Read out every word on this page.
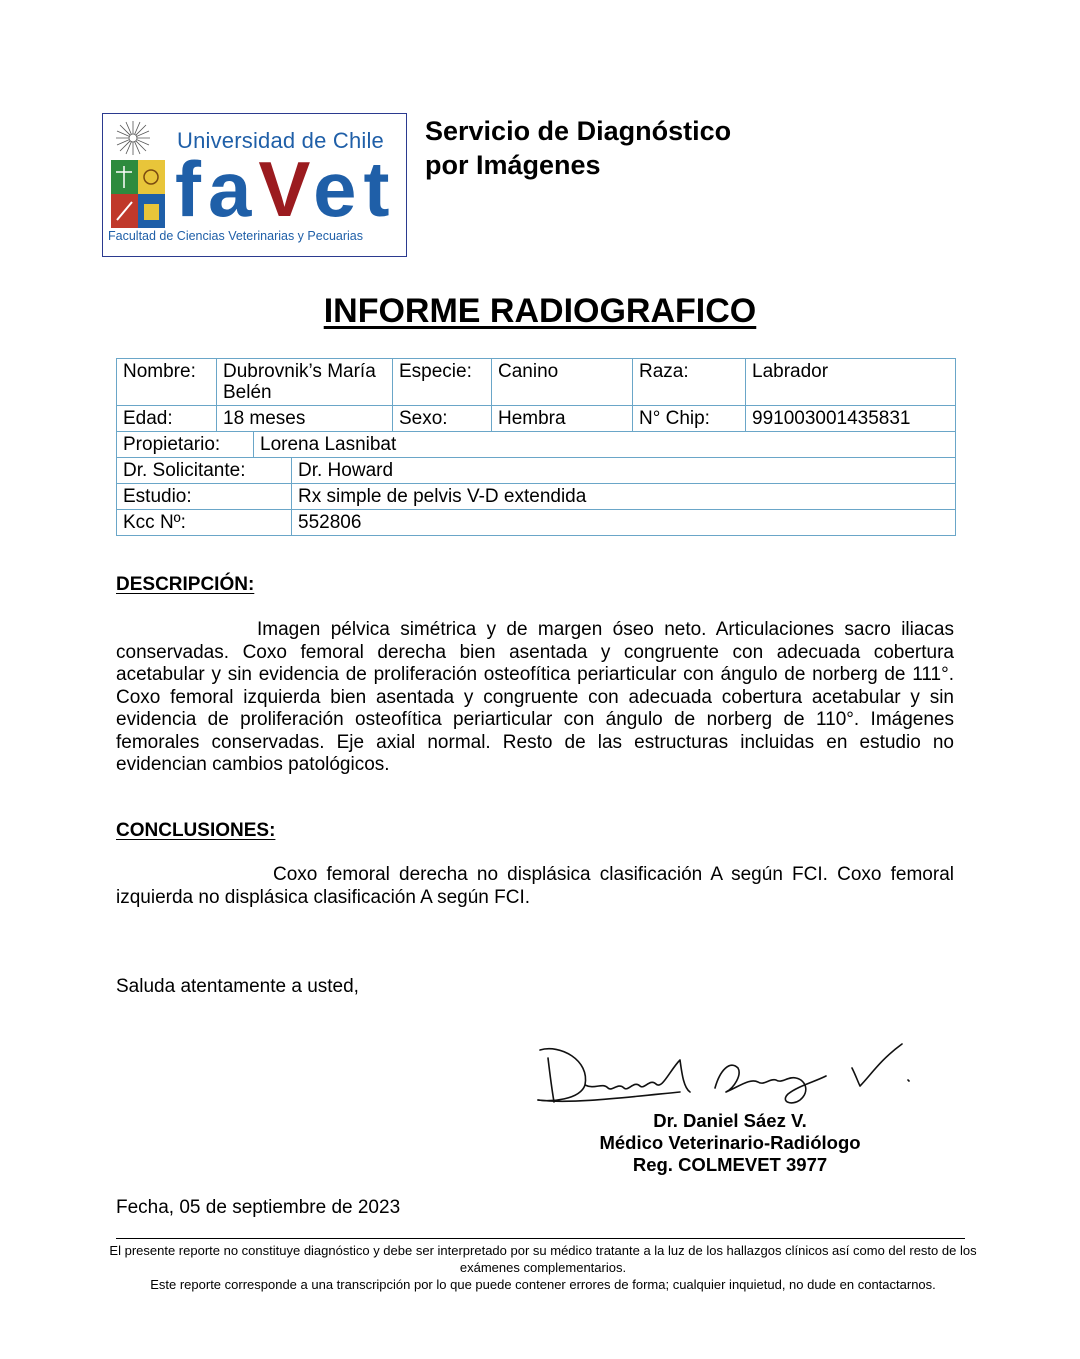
Universidad de Chile
faVet
Facultad de Ciencias Veterinarias y Pecuarias
Servicio de Diagnóstico
por Imágenes
INFORME RADIOGRAFICO
Nombre:	Dubrovnik’s María Belén	Especie:	Canino	Raza:	Labrador
Edad:	18 meses	Sexo:	Hembra	N° Chip:	991003001435831

Propietario: Lorena Lasnibat					

Dr. Solicitante: Dr. Howard					

Estudio: Rx simple de pelvis V-D extendida					

Kcc Nº: 552806					
DESCRIPCIÓN:
Imagen pélvica simétrica y de margen óseo neto. Articulaciones sacro iliacas conservadas. Coxo femoral derecha bien asentada y congruente con adecuada cobertura acetabular y sin evidencia de proliferación osteofítica periarticular con ángulo de norberg de 111°. Coxo femoral izquierda bien asentada y congruente con adecuada cobertura acetabular y sin evidencia de proliferación osteofítica periarticular con ángulo de norberg de 110°. Imágenes femorales conservadas. Eje axial normal. Resto de las estructuras incluidas en estudio no evidencian cambios patológicos.
CONCLUSIONES:
Coxo femoral derecha no displásica clasificación A según FCI. Coxo femoral izquierda no displásica clasificación A según FCI.
Saluda atentamente a usted,
Dr. Daniel Sáez V.
Médico Veterinario-Radiólogo
Reg. COLMEVET 3977
Fecha, 05 de septiembre de 2023
El presente reporte no constituye diagnóstico y debe ser interpretado por su médico tratante a la luz de los hallazgos clínicos así como del resto de los exámenes complementarios.
Este reporte corresponde a una transcripción por lo que puede contener errores de forma; cualquier inquietud, no dude en contactarnos.
